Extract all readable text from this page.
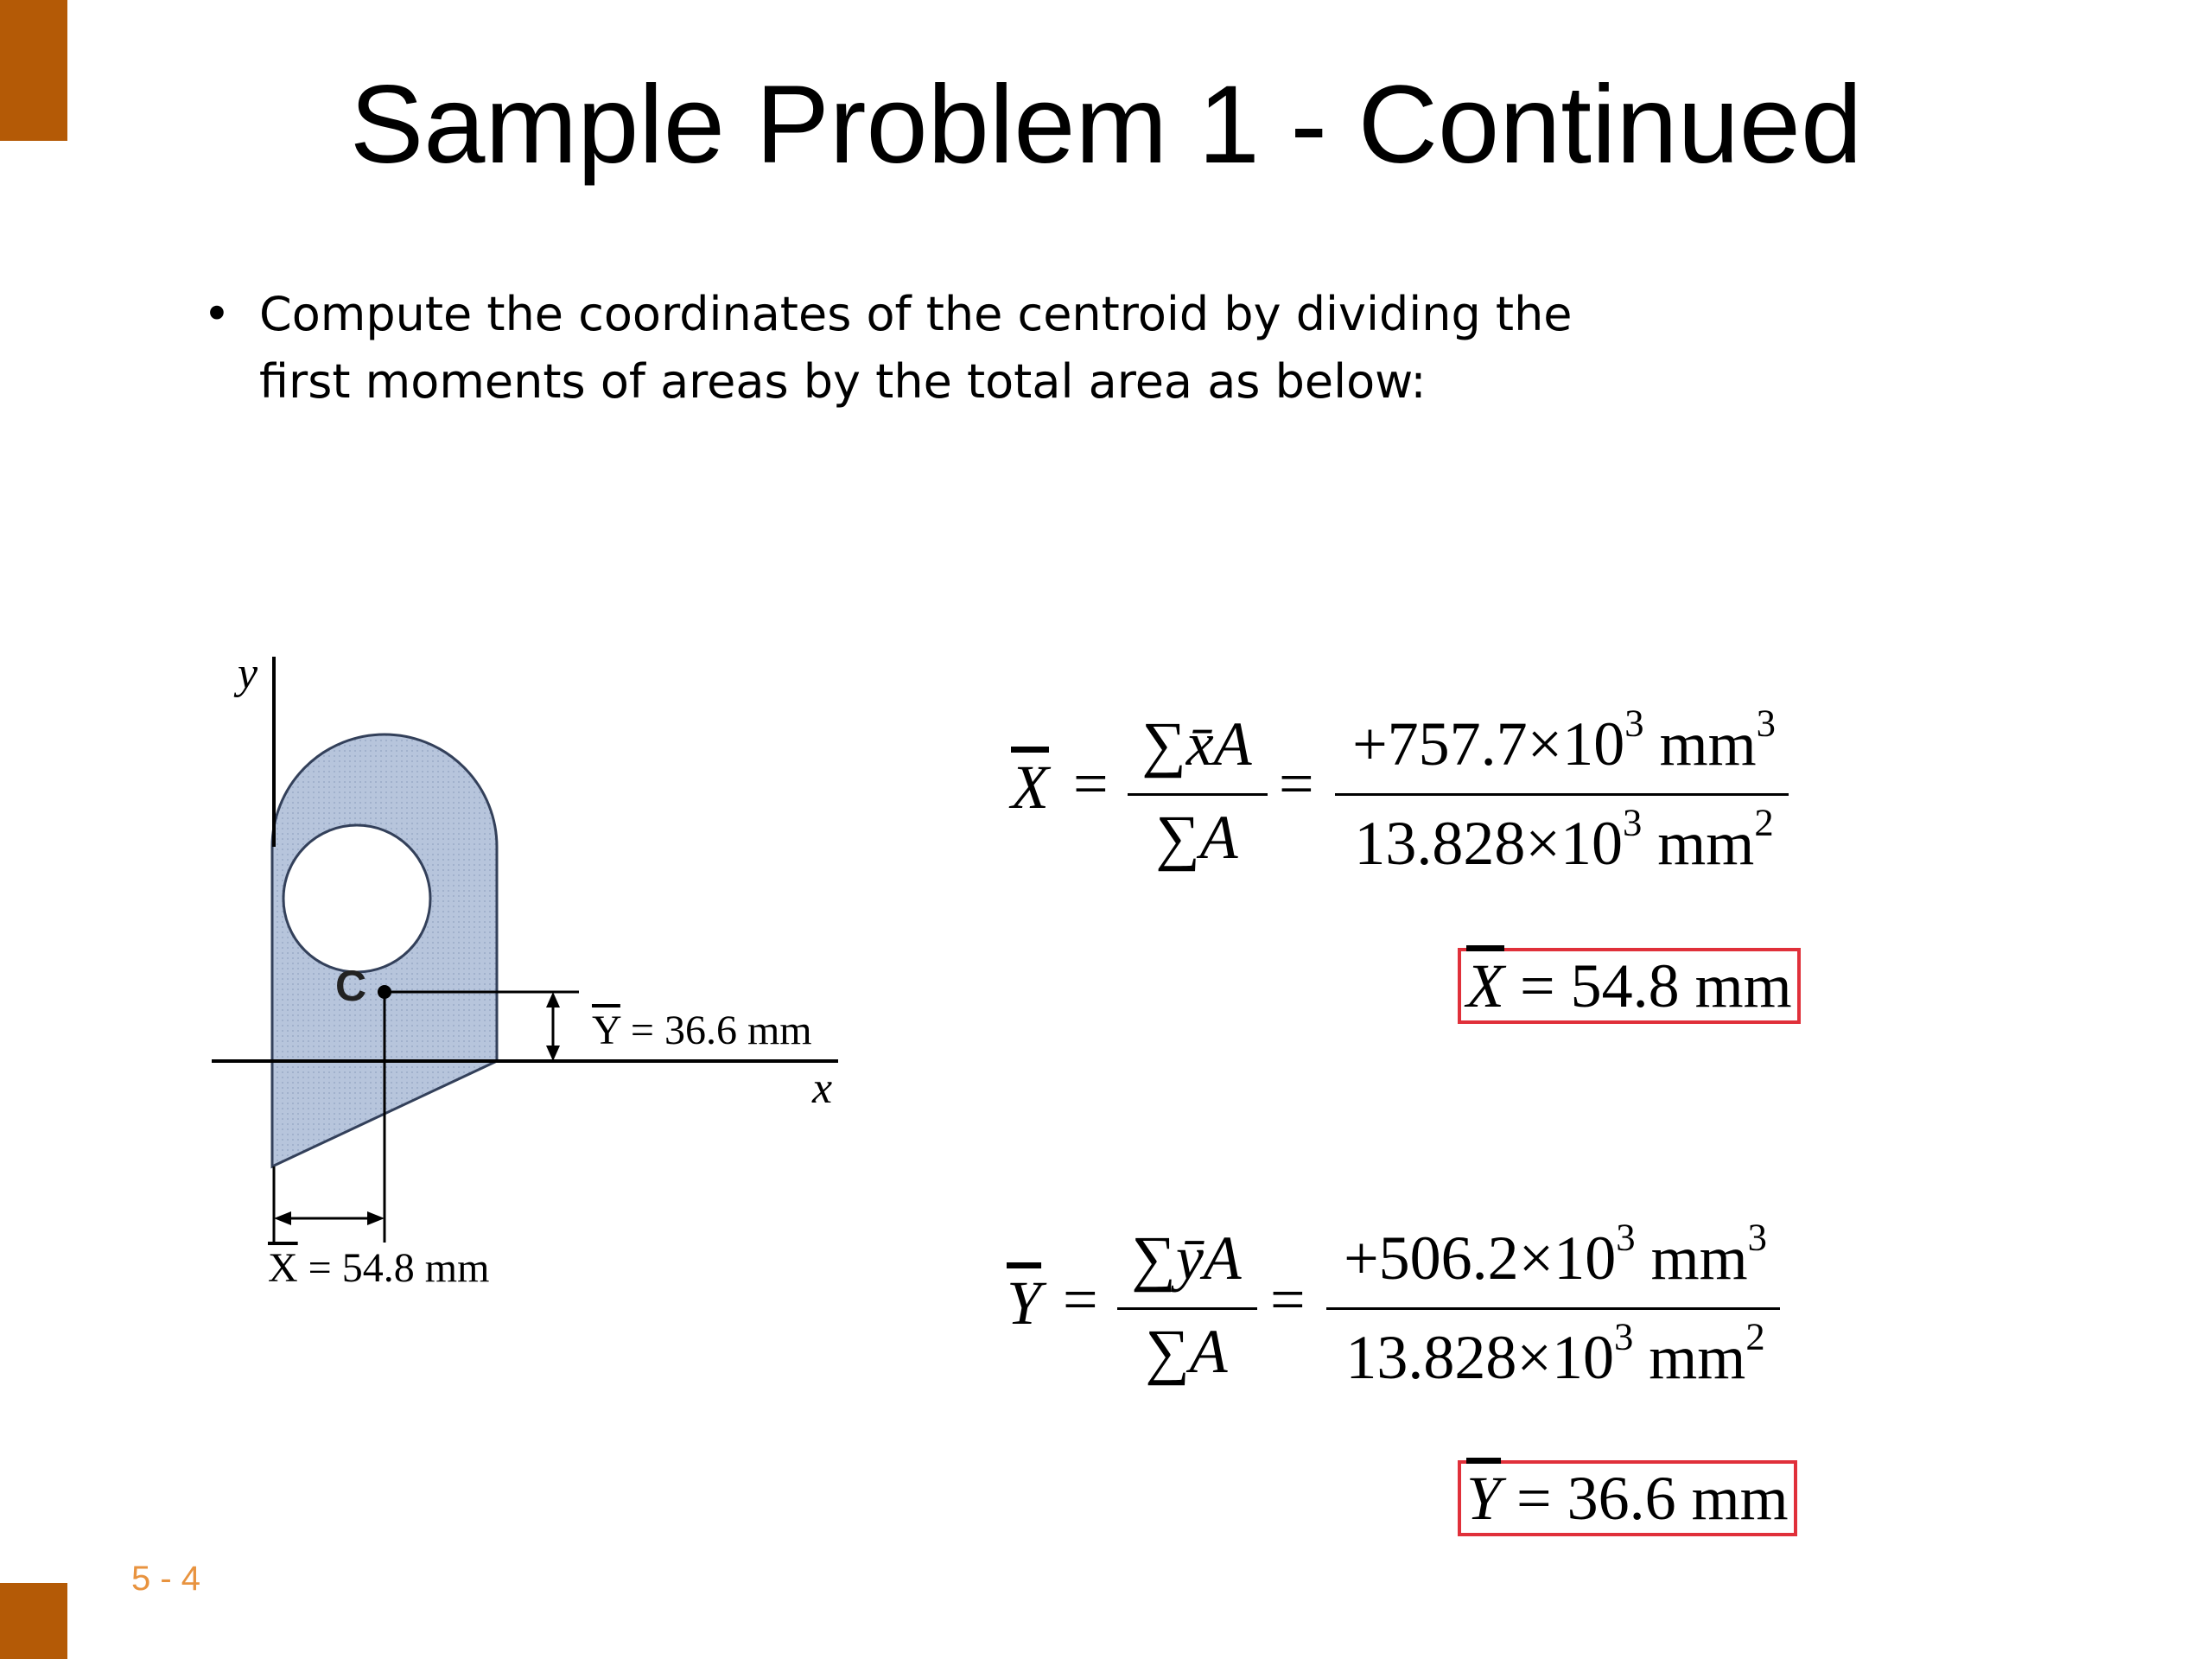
Sample Problem 1 - Continued
• Compute the coordinates of the centroid by dividing the
first moments of areas by the total area as below:
y
x
C
$\overline{Y} = 36.6$ mm
$\overline{X} = 54.8$ mm
$\overline{X}$ =
∑x̄A
∑A
=
$+757.7\times 10^3$ $mm^3$
$13.828\times 10^3$ $mm^2$
$\overline{X} = 54.8$ mm
$\overline{Y}$ =
∑ȳA
∑A
=
$+506.2\times 10^3$ $mm^3$
$13.828\times 10^3$ $mm^2$
$\overline{Y} = 36.6$ mm
5 - 4
